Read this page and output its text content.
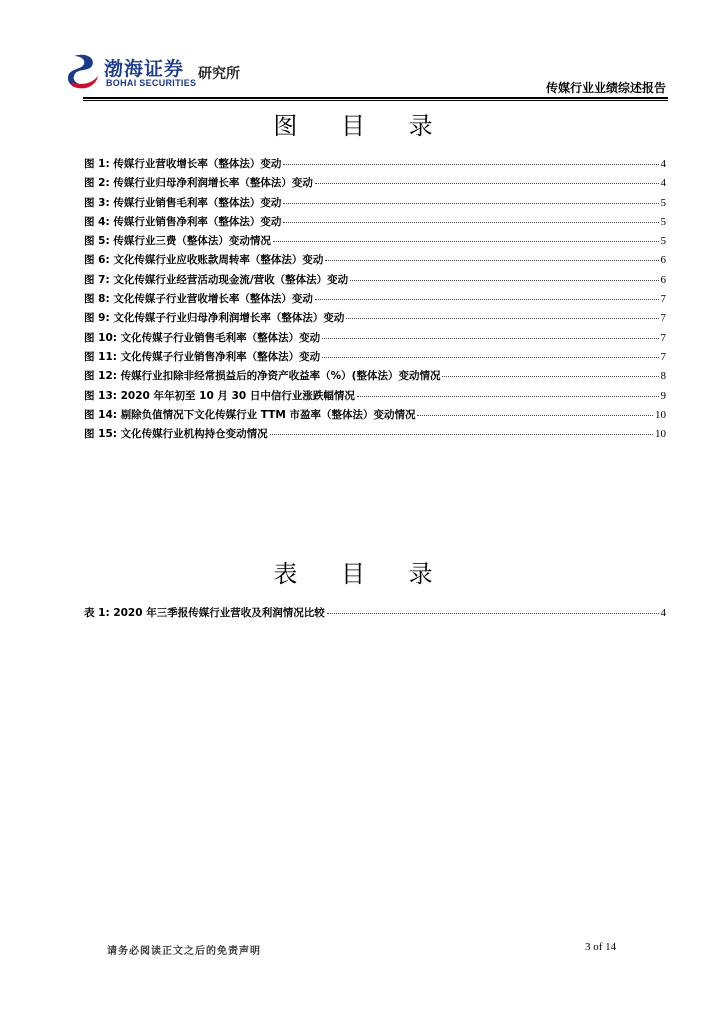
渤海证券
BOHAI SECURITIES
研究所
传媒行业业绩综述报告
图 目 录
图 1: 传媒行业营收增长率（整体法）变动	4
图 2: 传媒行业归母净利润增长率（整体法）变动	4
图 3: 传媒行业销售毛利率（整体法）变动	5
图 4: 传媒行业销售净利率（整体法）变动	5
图 5: 传媒行业三费（整体法）变动情况	5
图 6: 文化传媒行业应收账款周转率（整体法）变动	6
图 7: 文化传媒行业经营活动现金流/营收（整体法）变动	6
图 8: 文化传媒子行业营收增长率（整体法）变动	7
图 9: 文化传媒子行业归母净利润增长率（整体法）变动	7
图 10: 文化传媒子行业销售毛利率（整体法）变动	7
图 11: 文化传媒子行业销售净利率（整体法）变动	7
图 12: 传媒行业扣除非经常损益后的净资产收益率（%）(整体法）变动情况	8
图 13: 2020 年年初至 10 月 30 日中信行业涨跌幅情况	9
图 14: 剔除负值情况下文化传媒行业 TTM 市盈率（整体法）变动情况	10
图 15: 文化传媒行业机构持仓变动情况	10
表 目 录
表 1: 2020 年三季报传媒行业营收及利润情况比较	4
请务必阅读正文之后的免责声明	3 of 14
